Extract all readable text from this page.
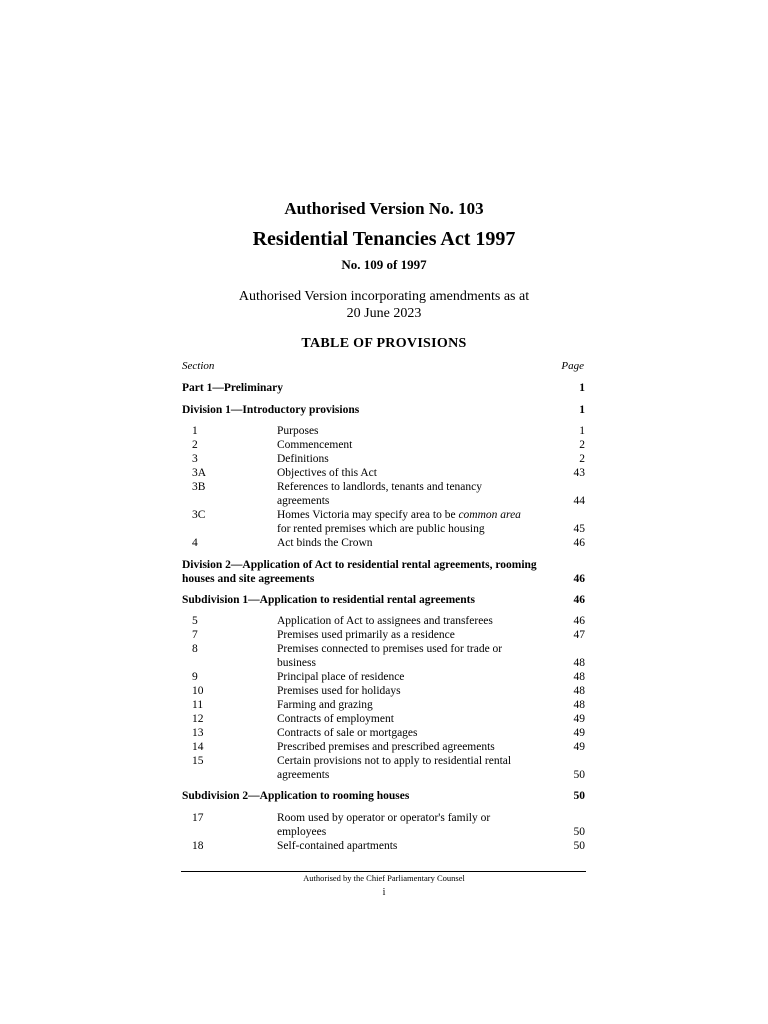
Authorised Version No. 103
Residential Tenancies Act 1997
No. 109 of 1997
Authorised Version incorporating amendments as at
20 June 2023
TABLE OF PROVISIONS
Section	Page
Part 1—Preliminary	1
Division 1—Introductory provisions	1
1	Purposes	1
2	Commencement	2
3	Definitions	2
3A	Objectives of this Act	43
3B	References to landlords, tenants and tenancy agreements	44
3C	Homes Victoria may specify area to be common area for rented premises which are public housing	45
4	Act binds the Crown	46
Division 2—Application of Act to residential rental agreements, rooming houses and site agreements	46
Subdivision 1—Application to residential rental agreements	46
5	Application of Act to assignees and transferees	46
7	Premises used primarily as a residence	47
8	Premises connected to premises used for trade or business	48
9	Principal place of residence	48
10	Premises used for holidays	48
11	Farming and grazing	48
12	Contracts of employment	49
13	Contracts of sale or mortgages	49
14	Prescribed premises and prescribed agreements	49
15	Certain provisions not to apply to residential rental agreements	50
Subdivision 2—Application to rooming houses	50
17	Room used by operator or operator's family or employees	50
18	Self-contained apartments	50
Authorised by the Chief Parliamentary Counsel
i
